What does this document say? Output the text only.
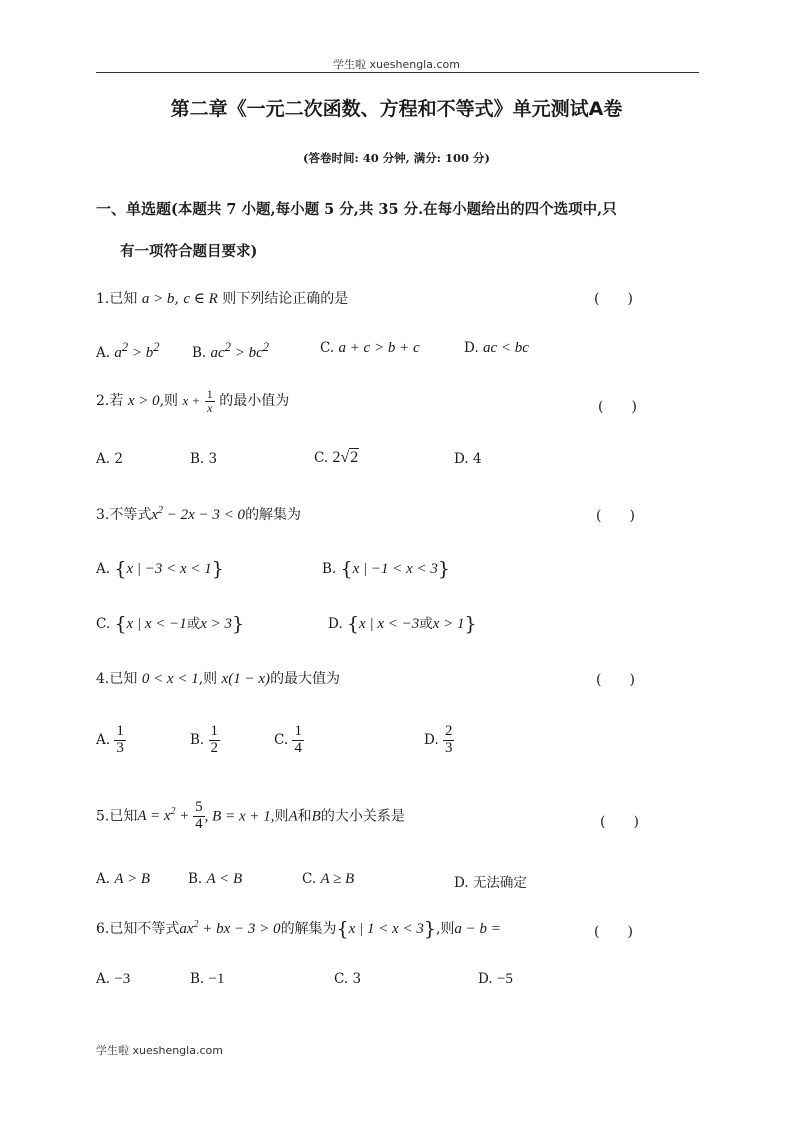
学生啦 xueshengla.com
第二章《一元二次函数、方程和不等式》单元测试A卷
(答卷时间: 40 分钟, 满分: 100 分)
一、单选题(本题共 7 小题,每小题 5 分,共 35 分.在每小题给出的四个选项中,只
有一项符合题目要求)
1.已知 a > b, c ∈ R 则下列结论正确的是	(　　)
A. $a^2 > b^2$ B. $ac^2 > bc^2$	C. a + c > b + c	D. ac < bc
2.若 x > 0,则 $x + \frac{1}{x}$ 的最小值为	(　　)
A. 2	B. 3	C. 2√2	D. 4
3.不等式$x^2 - 2x - 3 < 0$的解集为	(　　)
A. {x | −3 < x < 1}	B. {x | −1 < x < 3}
C. {x | x < −1或x > 3}	D. {x | x < −3或x > 1}
4.已知 0 < x < 1,则 x(1 − x)的最大值为	(　　)
A. $\frac{1}{3}$	B. $\frac{1}{2}$	C. $\frac{1}{4}$	D. $\frac{2}{3}$
5.已知$A = x^2 + \frac{5}{4}$ , B = x + 1,则A和B的大小关系是	(　　)
A. A > B	B. A < B	C. A ≥ B	D. 无法确定
6.已知不等式$ax^2$ + bx − 3 > 0的解集为{x | 1 < x < 3},则a − b =	(　　)
A. −3	B. −1	C. 3	D. −5
学生啦 xueshengla.com
